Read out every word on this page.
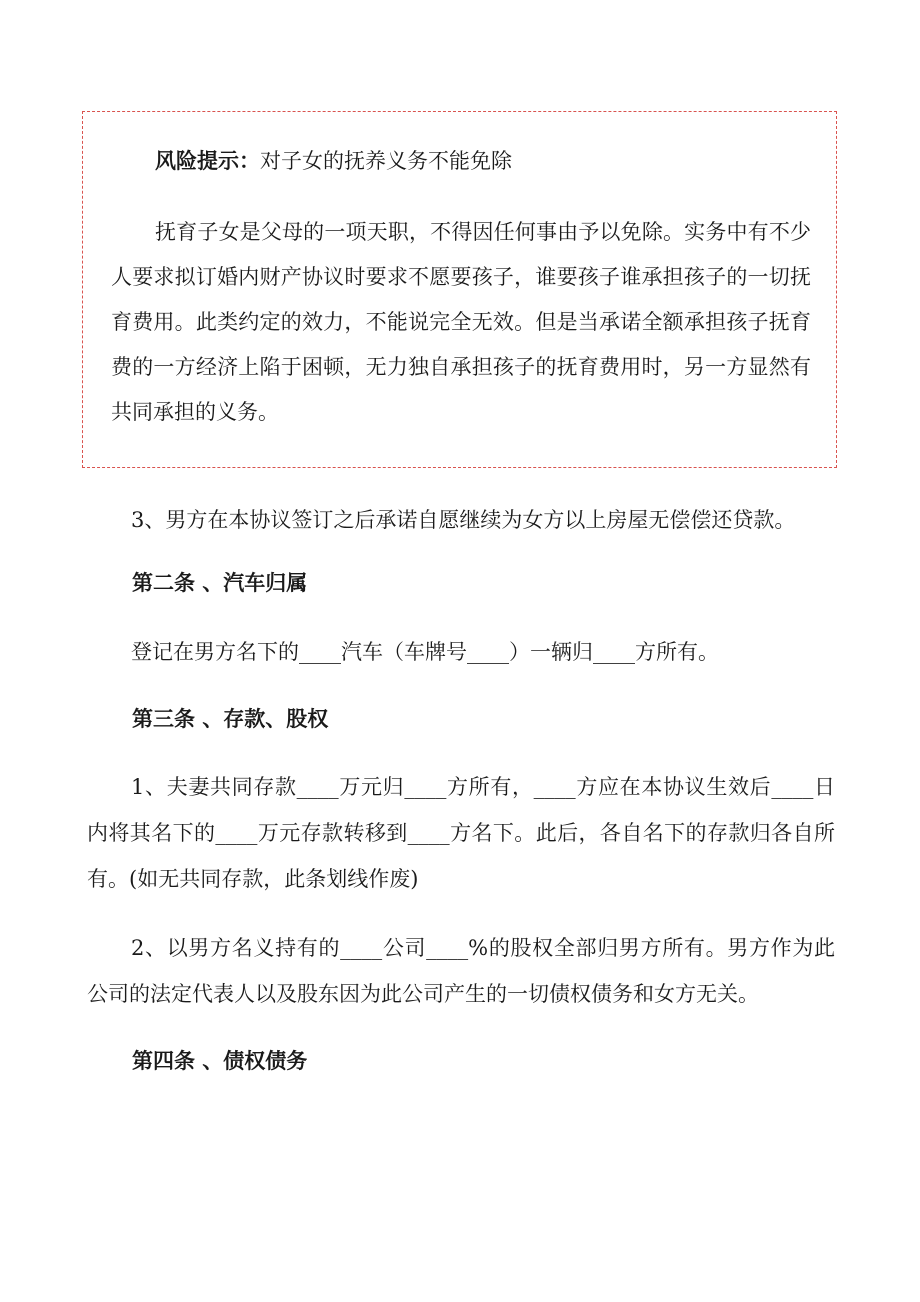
风险提示：对子女的抚养义务不能免除

抚育子女是父母的一项天职，不得因任何事由予以免除。实务中有不少人要求拟订婚内财产协议时要求不愿要孩子，谁要孩子谁承担孩子的一切抚育费用。此类约定的效力，不能说完全无效。但是当承诺全额承担孩子抚育费的一方经济上陷于困顿，无力独自承担孩子的抚育费用时，另一方显然有共同承担的义务。

3、男方在本协议签订之后承诺自愿继续为女方以上房屋无偿偿还贷款。

第二条 、汽车归属

登记在男方名下的____汽车（车牌号____）一辆归____方所有。

第三条 、存款、股权

1、夫妻共同存款____万元归____方所有，____方应在本协议生效后____日内将其名下的____万元存款转移到____方名下。此后，各自名下的存款归各自所有。(如无共同存款，此条划线作废)

2、以男方名义持有的____公司____%的股权全部归男方所有。男方作为此公司的法定代表人以及股东因为此公司产生的一切债权债务和女方无关。

第四条 、债权债务
